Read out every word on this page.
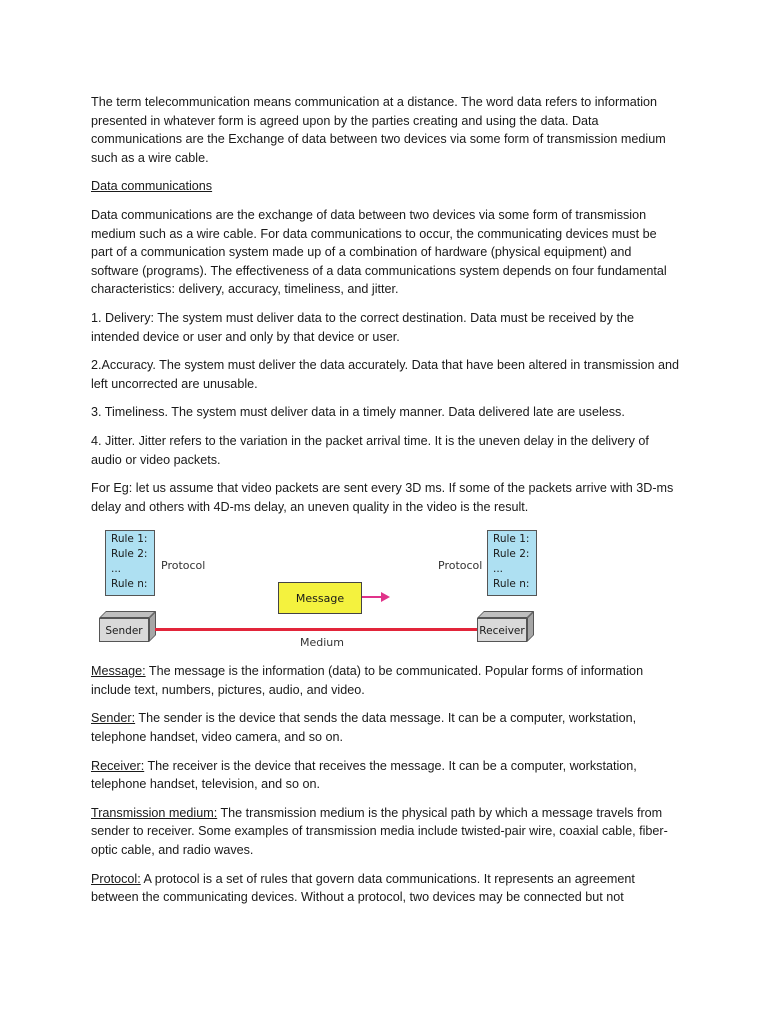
The term telecommunication means communication at a distance. The word data refers to information presented in whatever form is agreed upon by the parties creating and using the data. Data communications are the Exchange of data between two devices via some form of transmission medium such as a wire cable.

Data communications

Data communications are the exchange of data between two devices via some form of transmission medium such as a wire cable. For data communications to occur, the communicating devices must be part of a communication system made up of a combination of hardware (physical equipment) and software (programs). The effectiveness of a data communications system depends on four fundamental characteristics: delivery, accuracy, timeliness, and jitter.

1. Delivery: The system must deliver data to the correct destination. Data must be received by the intended device or user and only by that device or user.

2.Accuracy. The system must deliver the data accurately. Data that have been altered in transmission and left uncorrected are unusable.

3. Timeliness. The system must deliver data in a timely manner. Data delivered late are useless.

4. Jitter. Jitter refers to the variation in the packet arrival time. It is the uneven delay in the delivery of audio or video packets.

For Eg: let us assume that video packets are sent every 3D ms. If some of the packets arrive with 3D-ms delay and others with 4D-ms delay, an uneven quality in the video is the result.

Rule 1:
Rule 2:
...
Rule n:
Protocol
Rule 1:
Rule 2:
...
Rule n:
Protocol
Message
Sender
Medium
Receiver

Message: The message is the information (data) to be communicated. Popular forms of information include text, numbers, pictures, audio, and video.

Sender: The sender is the device that sends the data message. It can be a computer, workstation, telephone handset, video camera, and so on.

Receiver: The receiver is the device that receives the message. It can be a computer, workstation, telephone handset, television, and so on.

Transmission medium: The transmission medium is the physical path by which a message travels from sender to receiver. Some examples of transmission media include twisted-pair wire, coaxial cable, fiber-optic cable, and radio waves.

Protocol: A protocol is a set of rules that govern data communications. It represents an agreement between the communicating devices. Without a protocol, two devices may be connected but not
